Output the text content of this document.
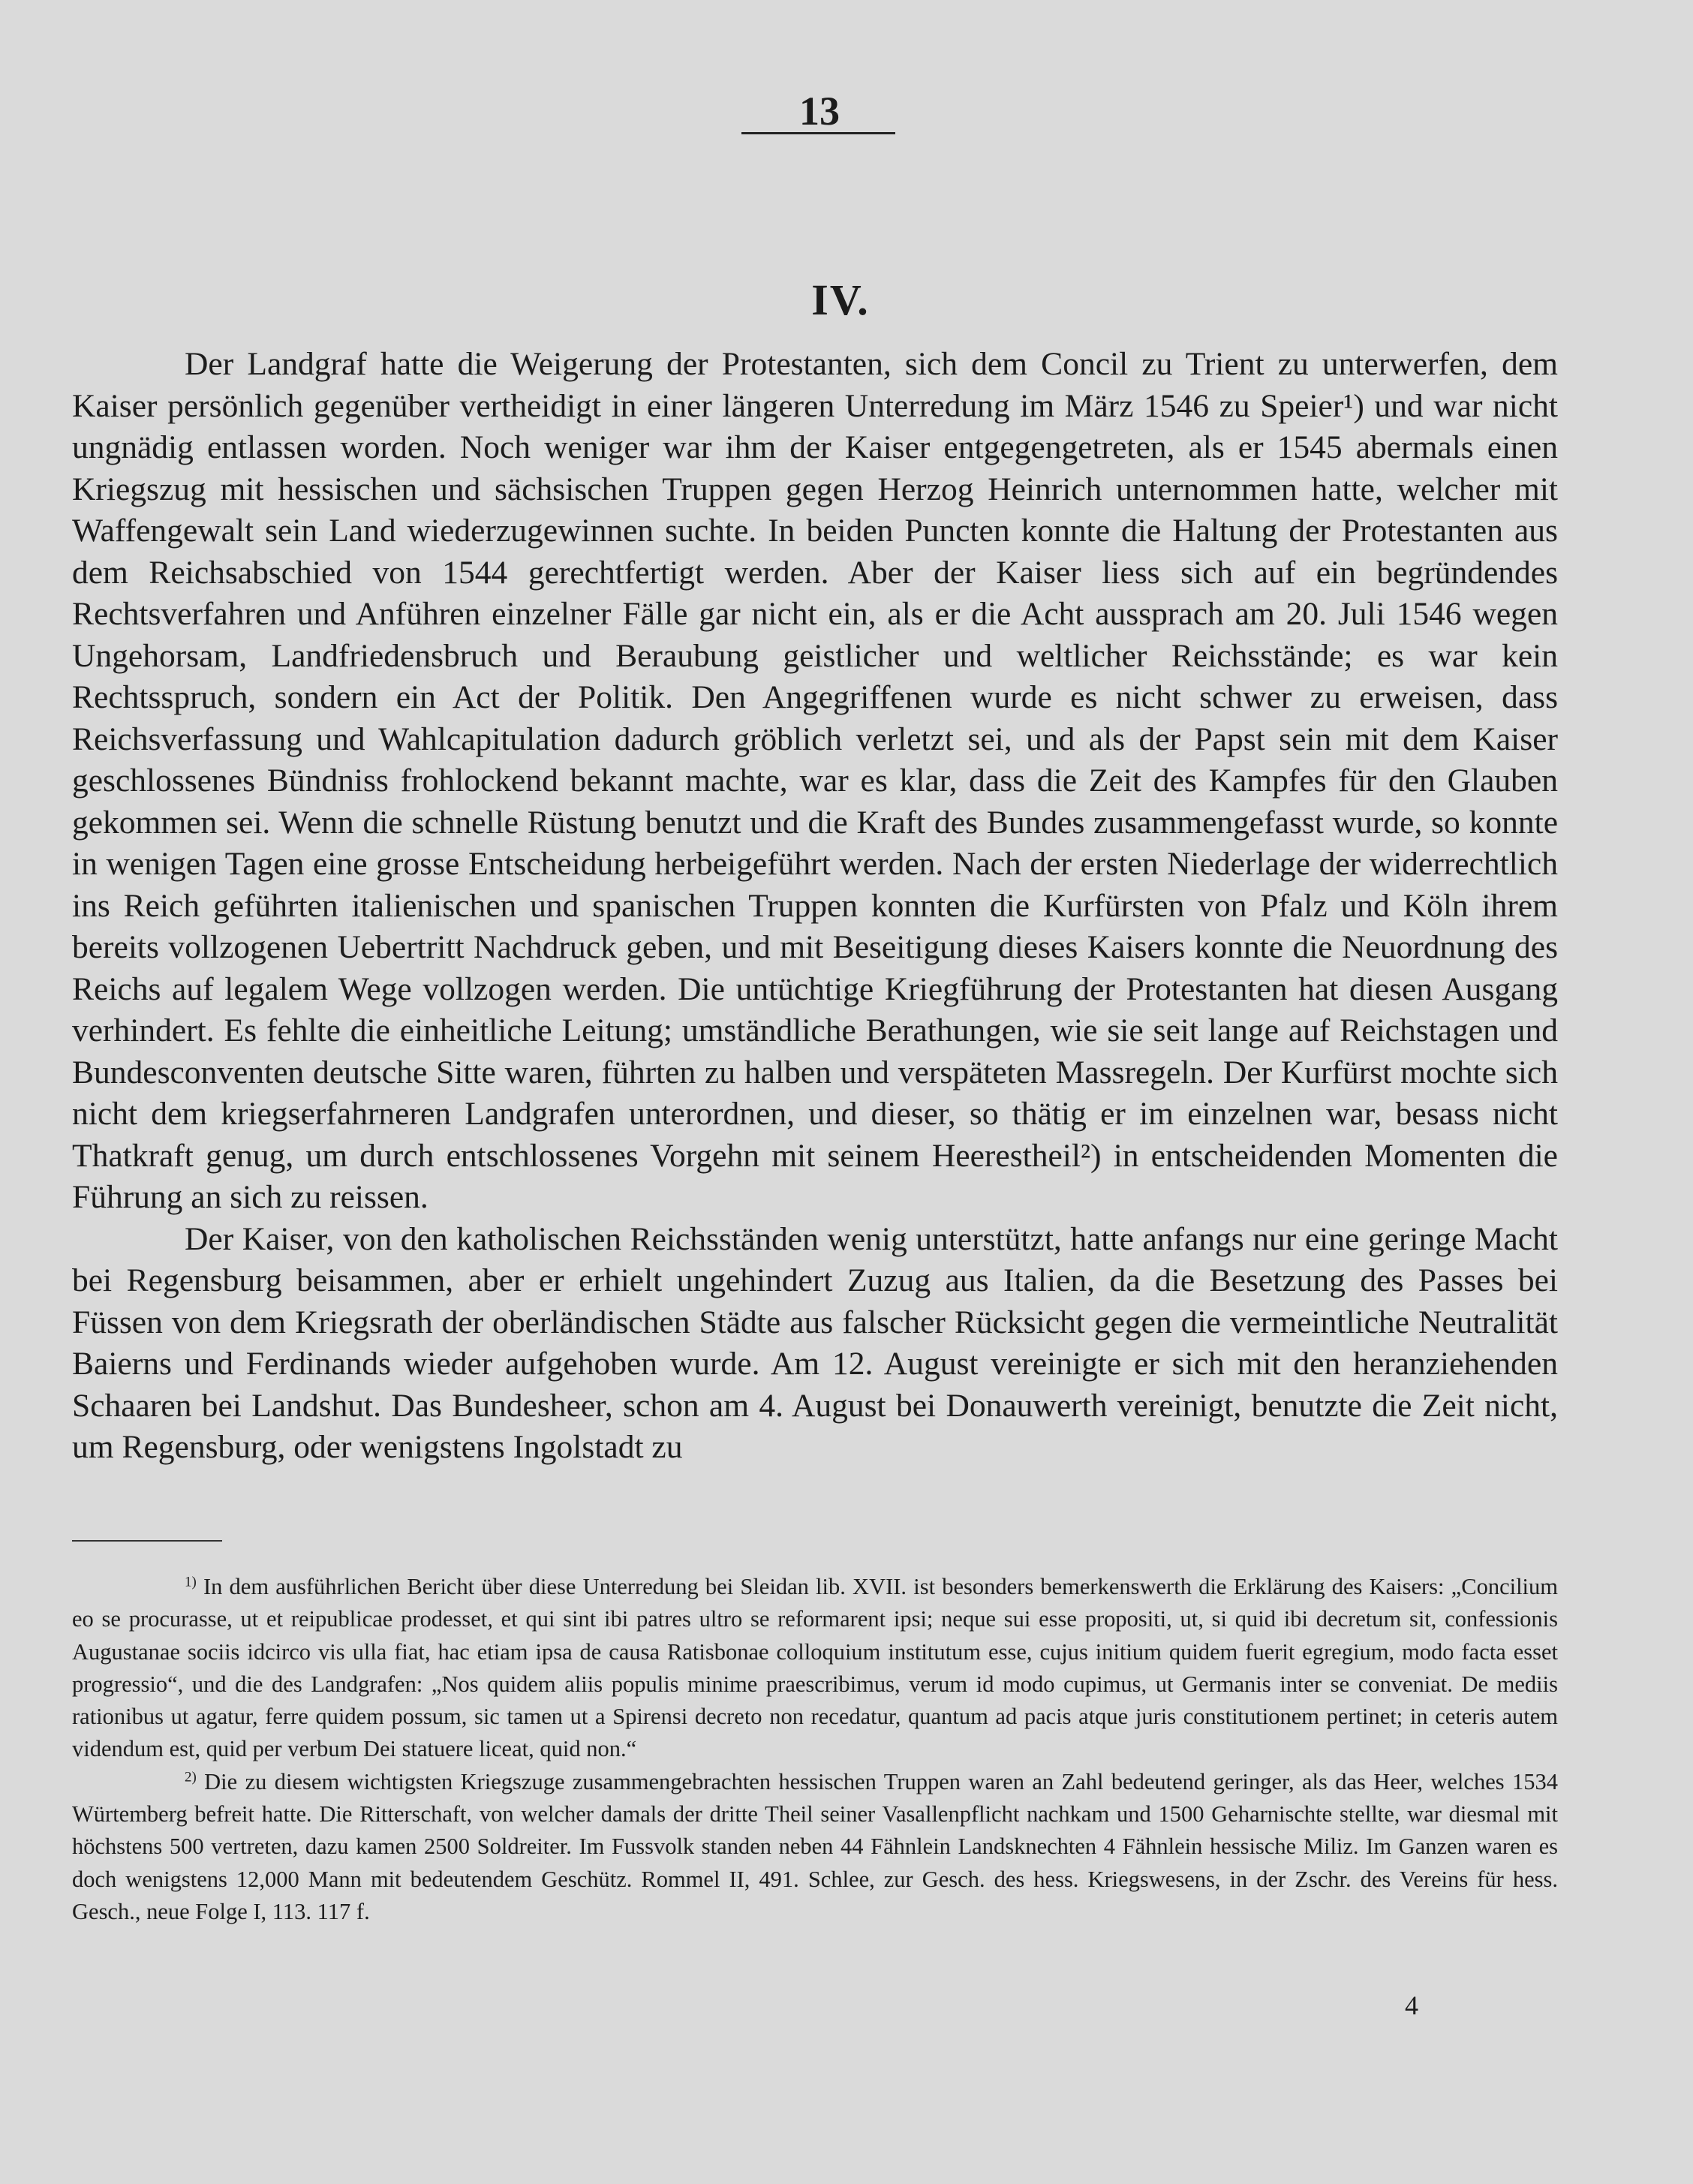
13
IV.

Der Landgraf hatte die Weigerung der Protestanten, sich dem Concil zu Trient zu unterwerfen, dem Kaiser persönlich gegenüber vertheidigt in einer längeren Unterredung im März 1546 zu Speier¹) und war nicht ungnädig entlassen worden. Noch weniger war ihm der Kaiser entgegengetreten, als er 1545 abermals einen Kriegszug mit hessischen und sächsischen Truppen gegen Herzog Heinrich unternommen hatte, welcher mit Waffengewalt sein Land wiederzugewinnen suchte. In beiden Puncten konnte die Haltung der Protestanten aus dem Reichsabschied von 1544 gerechtfertigt werden. Aber der Kaiser liess sich auf ein begründendes Rechtsverfahren und Anführen einzelner Fälle gar nicht ein, als er die Acht aussprach am 20. Juli 1546 wegen Ungehorsam, Landfriedensbruch und Beraubung geistlicher und weltlicher Reichsstände; es war kein Rechtsspruch, sondern ein Act der Politik. Den Angegriffenen wurde es nicht schwer zu erweisen, dass Reichsverfassung und Wahlcapitulation dadurch gröblich verletzt sei, und als der Papst sein mit dem Kaiser geschlossenes Bündniss frohlockend bekannt machte, war es klar, dass die Zeit des Kampfes für den Glauben gekommen sei. Wenn die schnelle Rüstung benutzt und die Kraft des Bundes zusammengefasst wurde, so konnte in wenigen Tagen eine grosse Entscheidung herbeigeführt werden. Nach der ersten Niederlage der widerrechtlich ins Reich geführten italienischen und spanischen Truppen konnten die Kurfürsten von Pfalz und Köln ihrem bereits vollzogenen Uebertritt Nachdruck geben, und mit Beseitigung dieses Kaisers konnte die Neuordnung des Reichs auf legalem Wege vollzogen werden. Die untüchtige Kriegführung der Protestanten hat diesen Ausgang verhindert. Es fehlte die einheitliche Leitung; umständliche Berathungen, wie sie seit lange auf Reichstagen und Bundesconventen deutsche Sitte waren, führten zu halben und verspäteten Massregeln. Der Kurfürst mochte sich nicht dem kriegserfahrneren Landgrafen unterordnen, und dieser, so thätig er im einzelnen war, besass nicht Thatkraft genug, um durch entschlossenes Vorgehn mit seinem Heerestheil²) in entscheidenden Momenten die Führung an sich zu reissen.

Der Kaiser, von den katholischen Reichsständen wenig unterstützt, hatte anfangs nur eine geringe Macht bei Regensburg beisammen, aber er erhielt ungehindert Zuzug aus Italien, da die Besetzung des Passes bei Füssen von dem Kriegsrath der oberländischen Städte aus falscher Rücksicht gegen die vermeintliche Neutralität Baierns und Ferdinands wieder aufgehoben wurde. Am 12. August vereinigte er sich mit den heranziehenden Schaaren bei Landshut. Das Bundesheer, schon am 4. August bei Donauwerth vereinigt, benutzte die Zeit nicht, um Regensburg, oder wenigstens Ingolstadt zu

$^{1)}$ In dem ausführlichen Bericht über diese Unterredung bei Sleidan lib. XVII. ist besonders bemerkenswerth die Erklärung des Kaisers: „Concilium eo se procurasse, ut et reipublicae prodesset, et qui sint ibi patres ultro se reformarent ipsi; neque sui esse propositi, ut, si quid ibi decretum sit, confessionis Augustanae sociis idcirco vis ulla fiat, hac etiam ipsa de causa Ratisbonae colloquium institutum esse, cujus initium quidem fuerit egregium, modo facta esset progressio“, und die des Landgrafen: „Nos quidem aliis populis minime praescribimus, verum id modo cupimus, ut Germanis inter se conveniat. De mediis rationibus ut agatur, ferre quidem possum, sic tamen ut a Spirensi decreto non recedatur, quantum ad pacis atque juris constitutionem pertinet; in ceteris autem videndum est, quid per verbum Dei statuere liceat, quid non.“

$^{2)}$ Die zu diesem wichtigsten Kriegszuge zusammengebrachten hessischen Truppen waren an Zahl bedeutend geringer, als das Heer, welches 1534 Würtemberg befreit hatte. Die Ritterschaft, von welcher damals der dritte Theil seiner Vasallenpflicht nachkam und 1500 Geharnischte stellte, war diesmal mit höchstens 500 vertreten, dazu kamen 2500 Soldreiter. Im Fussvolk standen neben 44 Fähnlein Landsknechten 4 Fähnlein hessische Miliz. Im Ganzen waren es doch wenigstens 12,000 Mann mit bedeutendem Geschütz. Rommel II, 491. Schlee, zur Gesch. des hess. Kriegswesens, in der Zschr. des Vereins für hess. Gesch., neue Folge I, 113. 117 f.

4
